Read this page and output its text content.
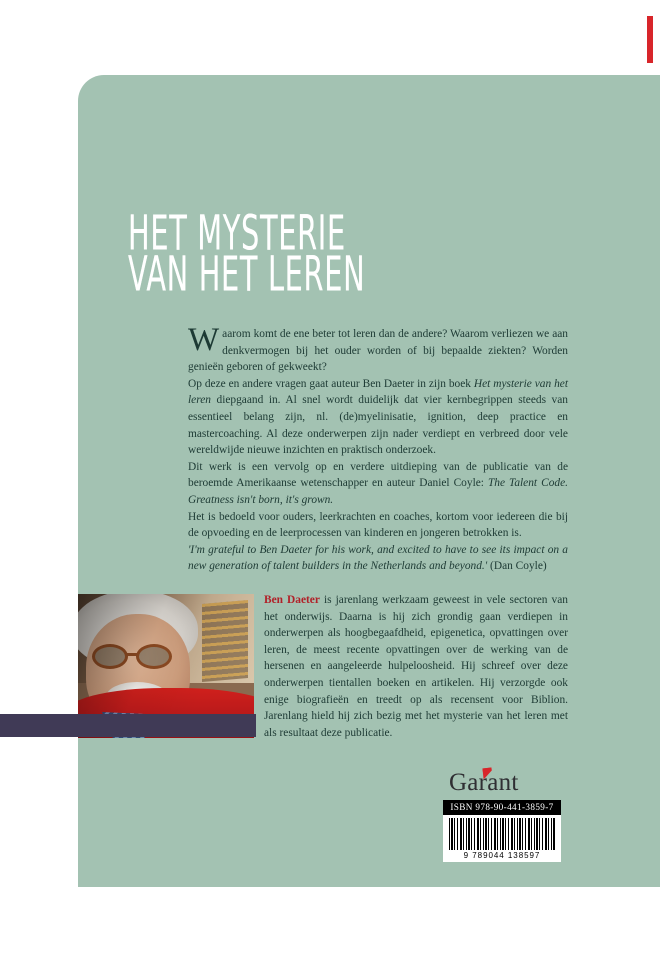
HET MYSTERIE
VAN HET LEREN

Waarom komt de ene beter tot leren dan de andere? Waarom verliezen we aan denkvermogen bij het ouder worden of bij bepaalde ziekten? Worden genieën geboren of gekweekt?

Op deze en andere vragen gaat auteur Ben Daeter in zijn boek Het mysterie van het leren diepgaand in. Al snel wordt duidelijk dat vier kernbegrippen steeds van essentieel belang zijn, nl. (de)myelinisatie, ignition, deep practice en mastercoaching. Al deze onderwerpen zijn nader verdiept en verbreed door vele wereldwijde nieuwe inzichten en praktisch onderzoek.

Dit werk is een vervolg op en verdere uitdieping van de publicatie van de beroemde Amerikaanse wetenschapper en auteur Daniel Coyle: The Talent Code. Greatness isn't born, it's grown.

Het is bedoeld voor ouders, leerkrachten en coaches, kortom voor iedereen die bij de opvoeding en de leerprocessen van kinderen en jongeren betrokken is.

'I'm grateful to Ben Daeter for his work, and excited to have to see its impact on a new generation of talent builders in the Netherlands and beyond.' (Dan Coyle)

Ben Daeter is jarenlang werkzaam geweest in vele sectoren van het onderwijs. Daarna is hij zich grondig gaan verdiepen in onderwerpen als hoogbegaafdheid, epigenetica, opvattingen over leren, de meest recente opvattingen over de werking van de hersenen en aangeleerde hulpeloosheid. Hij schreef over deze onderwerpen tientallen boeken en artikelen. Hij verzorgde ook enige biografieën en treedt op als recensent voor Biblion. Jarenlang hield hij zich bezig met het mysterie van het leren met als resultaat deze publicatie.

Garant
ISBN 978-90-441-3859-7
9 789044 138597
